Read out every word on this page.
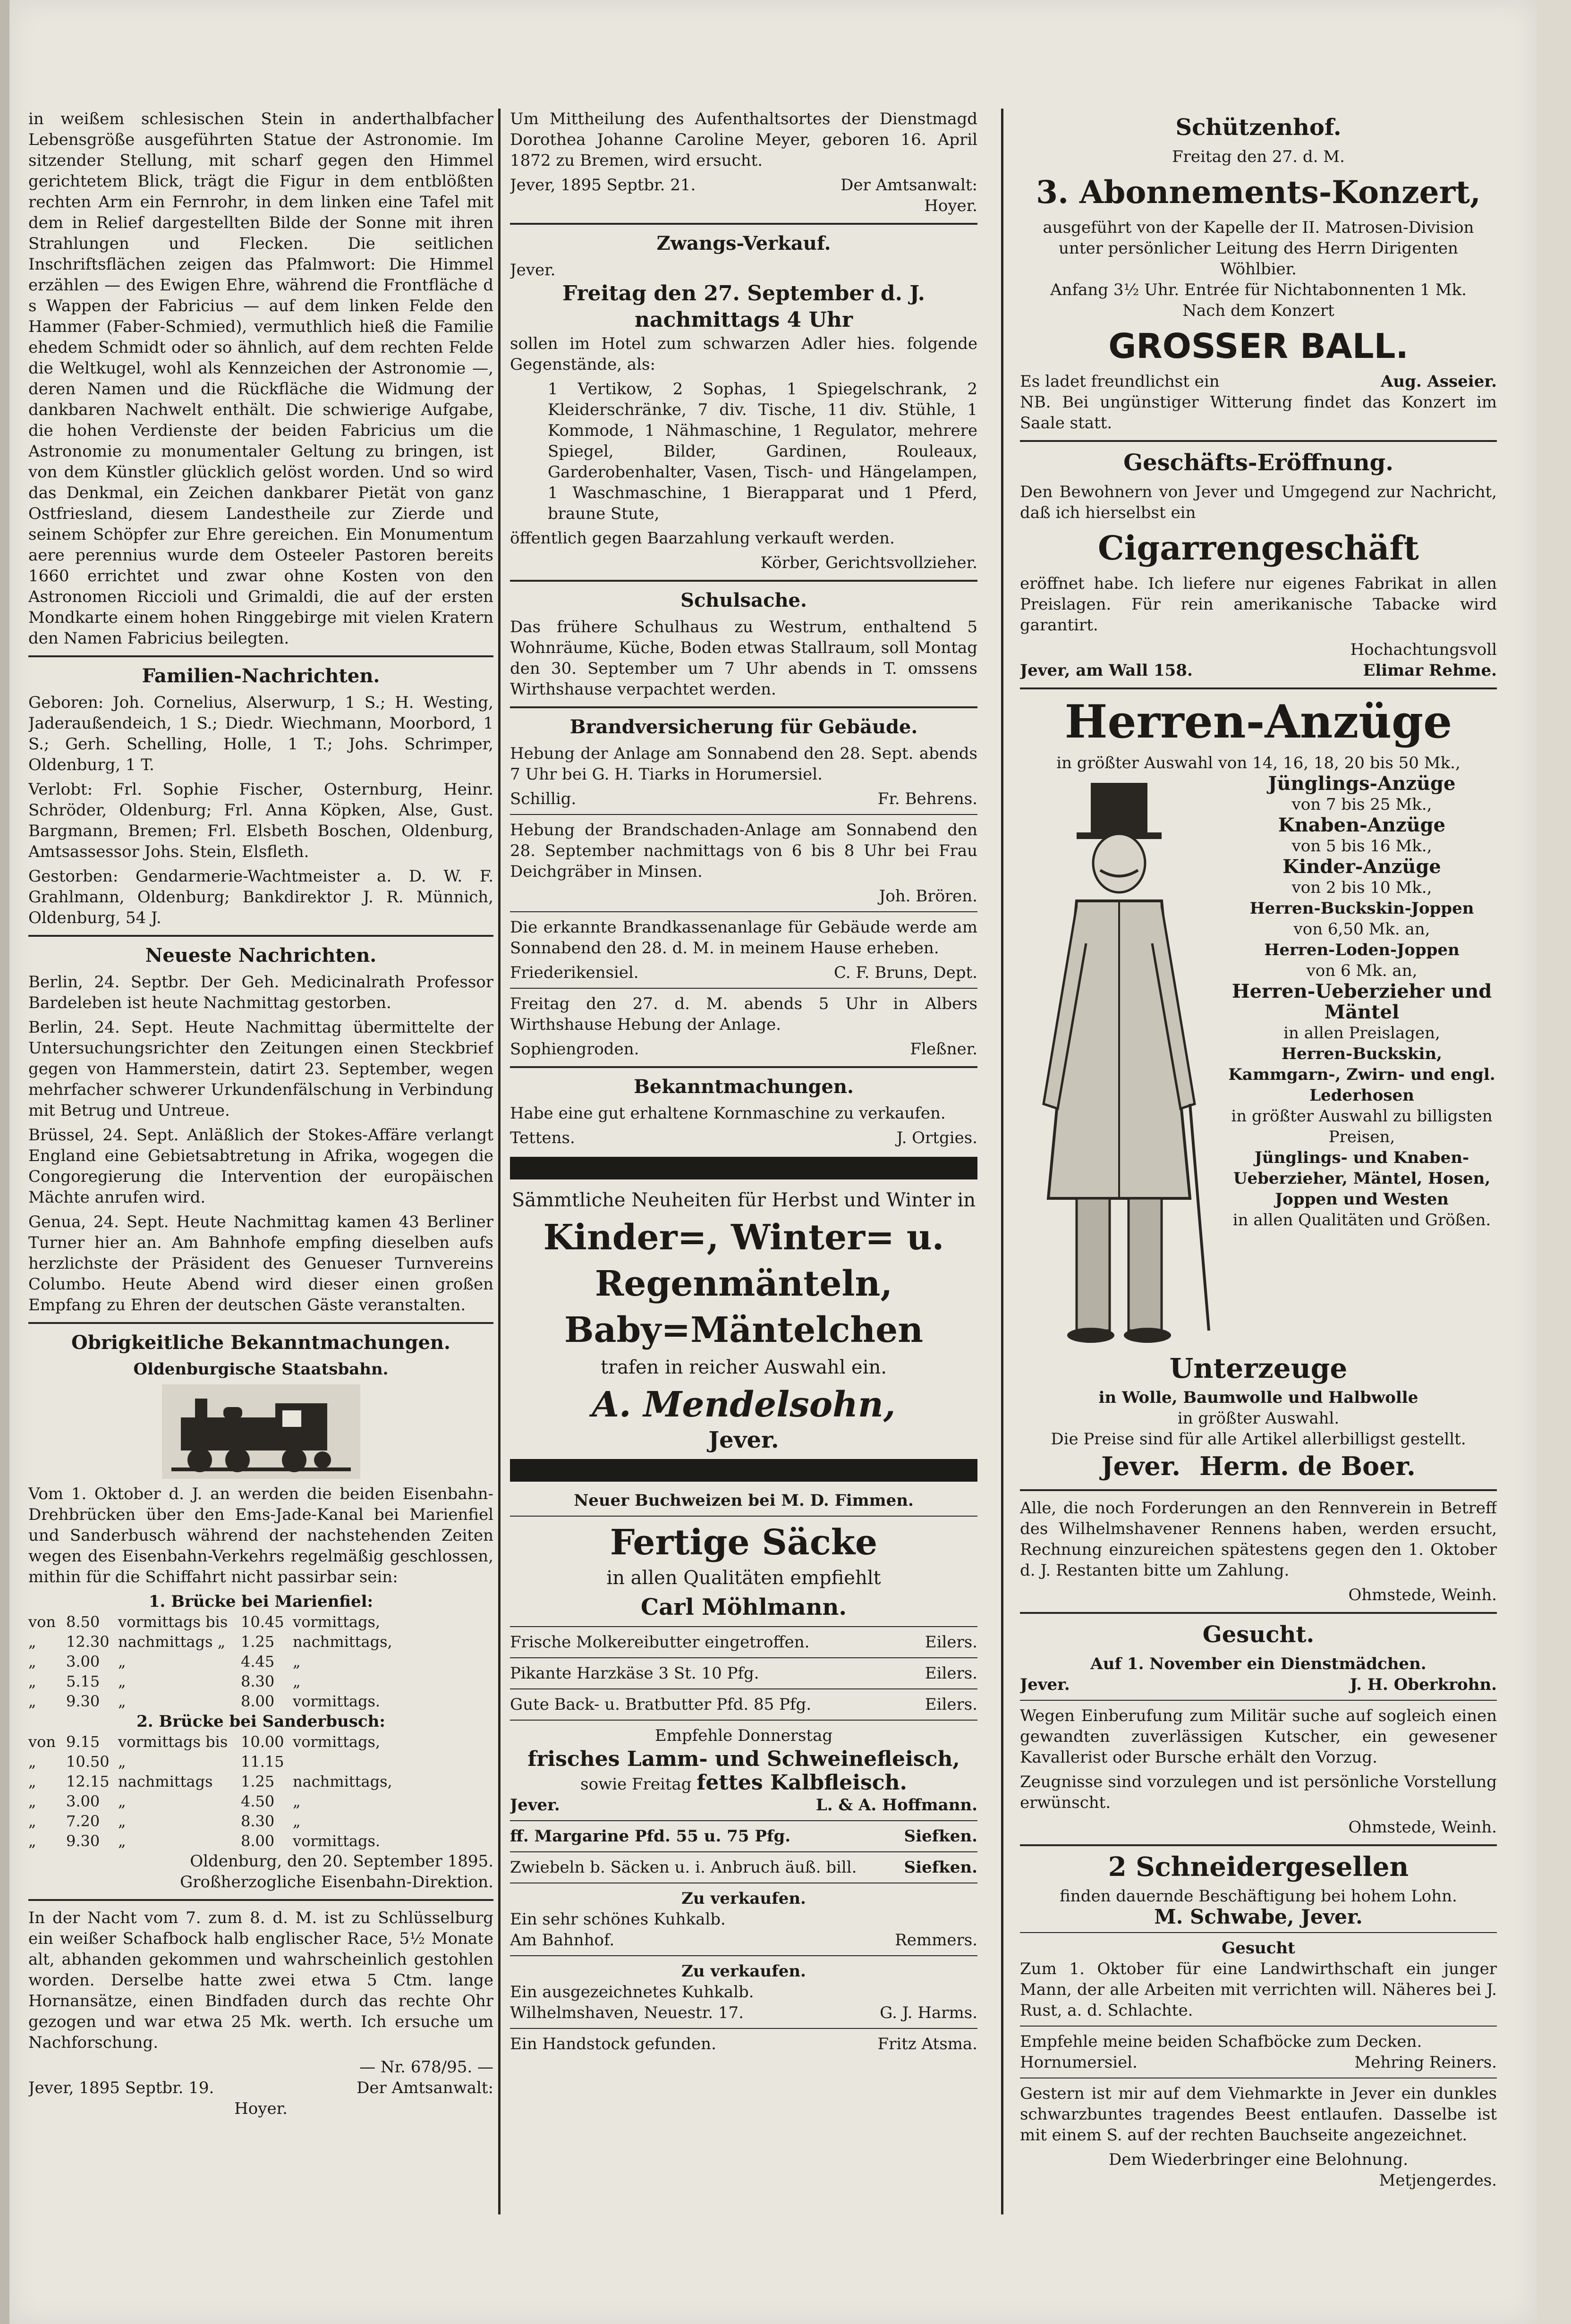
in weißem schlesischen Stein in anderthalbfacher Lebensgröße ausgeführten Statue der Astronomie. Im sitzender Stellung, mit scharf gegen den Himmel gerichtetem Blick, trägt die Figur in dem entblößten rechten Arm ein Fernrohr, in dem linken eine Tafel mit dem in Relief dargestellten Bilde der Sonne mit ihren Strahlungen und Flecken. Die seitlichen Inschriftsflächen zeigen das Pfalmwort: Die Himmel erzählen — des Ewigen Ehre, während die Frontfläche d s Wappen der Fabricius — auf dem linken Felde den Hammer (Faber-Schmied), vermuthlich hieß die Familie ehedem Schmidt oder so ähnlich, auf dem rechten Felde die Weltkugel, wohl als Kennzeichen der Astronomie —, deren Namen und die Rückfläche die Widmung der dankbaren Nachwelt enthält. Die schwierige Aufgabe, die hohen Verdienste der beiden Fabricius um die Astronomie zu monumentaler Geltung zu bringen, ist von dem Künstler glücklich gelöst worden. Und so wird das Denkmal, ein Zeichen dankbarer Pietät von ganz Ostfriesland, diesem Landestheile zur Zierde und seinem Schöpfer zur Ehre gereichen. Ein Monumentum aere perennius wurde dem Osteeler Pastoren bereits 1660 errichtet und zwar ohne Kosten von den Astronomen Riccioli und Grimaldi, die auf der ersten Mondkarte einem hohen Ringgebirge mit vielen Kratern den Namen Fabricius beilegten.

Familien-Nachrichten.

Geboren: Joh. Cornelius, Alserwurp, 1 S.; H. Westing, Jaderaußendeich, 1 S.; Diedr. Wiechmann, Moorbord, 1 S.; Gerh. Schelling, Holle, 1 T.; Johs. Schrimper, Oldenburg, 1 T.

Verlobt: Frl. Sophie Fischer, Osternburg, Heinr. Schröder, Oldenburg; Frl. Anna Köpken, Alse, Gust. Bargmann, Bremen; Frl. Elsbeth Boschen, Oldenburg, Amtsassessor Johs. Stein, Elsfleth.

Gestorben: Gendarmerie-Wachtmeister a. D. W. F. Grahlmann, Oldenburg; Bankdirektor J. R. Münnich, Oldenburg, 54 J.

Neueste Nachrichten.

Berlin, 24. Septbr. Der Geh. Medicinalrath Professor Bardeleben ist heute Nachmittag gestorben.

Berlin, 24. Sept. Heute Nachmittag übermittelte der Untersuchungsrichter den Zeitungen einen Steckbrief gegen von Hammerstein, datirt 23. September, wegen mehrfacher schwerer Urkundenfälschung in Verbindung mit Betrug und Untreue.

Brüssel, 24. Sept. Anläßlich der Stokes-Affäre verlangt England eine Gebietsabtretung in Afrika, wogegen die Congoregierung die Intervention der europäischen Mächte anrufen wird.

Genua, 24. Sept. Heute Nachmittag kamen 43 Berliner Turner hier an. Am Bahnhofe empfing dieselben aufs herzlichste der Präsident des Genueser Turnvereins Columbo. Heute Abend wird dieser einen großen Empfang zu Ehren der deutschen Gäste veranstalten.

Obrigkeitliche Bekanntmachungen.
Oldenburgische Staatsbahn.

Vom 1. Oktober d. J. an werden die beiden Eisenbahn-Drehbrücken über den Ems-Jade-Kanal bei Marienfiel und Sanderbusch während der nachstehenden Zeiten wegen des Eisenbahn-Verkehrs regelmäßig geschlossen, mithin für die Schiffahrt nicht passirbar sein:

1. Brücke bei Marienfiel:
von 8.50	vormittags bis 10.45 vormittags,
„	12.30 nachmittags „	1.25	nachmittags,
„	3.00	„	4.45	„
„	5.15	„	8.30	„
„	9.30	„	8.00	vormittags.
2. Brücke bei Sanderbusch:
von 9.15	vormittags bis 10.00 vormittags,
„	10.50 „	11.15
„	12.15 nachmittags	1.25	nachmittags,
„	3.00	„	4.50	„
„	7.20	„	8.30	„
„	9.30	„	8.00	vormittags.
Oldenburg, den 20. September 1895.
Großherzogliche Eisenbahn-Direktion.

In der Nacht vom 7. zum 8. d. M. ist zu Schlüsselburg ein weißer Schafbock halb englischer Race, 5½ Monate alt, abhanden gekommen und wahrscheinlich gestohlen worden. Derselbe hatte zwei etwa 5 Ctm. lange Hornansätze, einen Bindfaden durch das rechte Ohr gezogen und war etwa 25 Mk. werth. Ich ersuche um Nachforschung.

— Nr. 678/95. —
Jever, 1895 Septbr. 19.	Der Amtsanwalt:
Hoyer.

Um Mittheilung des Aufenthaltsortes der Dienstmagd Dorothea Johanne Caroline Meyer, geboren 16. April 1872 zu Bremen, wird ersucht.

Jever, 1895 Septbr. 21.	Der Amtsanwalt:
Hoyer.
Zwangs-Verkauf.
Jever.
Freitag den 27. September d. J.
nachmittags 4 Uhr

sollen im Hotel zum schwarzen Adler hies. folgende Gegenstände, als:

1 Vertikow, 2 Sophas, 1 Spiegelschrank, 2 Kleiderschränke, 7 div. Tische, 11 div. Stühle, 1 Kommode, 1 Nähmaschine, 1 Regulator, mehrere Spiegel, Bilder, Gardinen, Rouleaux, Garderobenhalter, Vasen, Tisch- und Hängelampen, 1 Waschmaschine, 1 Bierapparat und 1 Pferd, braune Stute,

öffentlich gegen Baarzahlung verkauft werden.

Körber, Gerichtsvollzieher.
Schulsache.

Das frühere Schulhaus zu Westrum, enthaltend 5 Wohnräume, Küche, Boden etwas Stallraum, soll Montag den 30. September um 7 Uhr abends in T. omssens Wirthshause verpachtet werden.

Brandversicherung für Gebäude.

Hebung der Anlage am Sonnabend den 28. Sept. abends 7 Uhr bei G. H. Tiarks in Horumersiel.

Schillig.	Fr. Behrens.

Hebung der Brandschaden-Anlage am Sonnabend den 28. September nachmittags von 6 bis 8 Uhr bei Frau Deichgräber in Minsen.

Joh. Brören.

Die erkannte Brandkassenanlage für Gebäude werde am Sonnabend den 28. d. M. in meinem Hause erheben.

Friederikensiel.	C. F. Bruns, Dept.

Freitag den 27. d. M. abends 5 Uhr in Albers Wirthshause Hebung der Anlage.

Sophiengroden.	Fleßner.
Bekanntmachungen.

Habe eine gut erhaltene Kornmaschine zu verkaufen.

Tettens.	J. Ortgies.
Sämmtliche Neuheiten für Herbst und Winter in
Kinder=, Winter= u.
Regenmänteln,
Baby=Mäntelchen
trafen in reicher Auswahl ein.
A. Mendelsohn,
Jever.
Neuer Buchweizen bei M. D. Fimmen.
Fertige Säcke
in allen Qualitäten empfiehlt
Carl Möhlmann.
Frische Molkereibutter eingetroffen.	Eilers.
Pikante Harzkäse 3 St. 10 Pfg.	Eilers.
Gute Back- u. Bratbutter Pfd. 85 Pfg.	Eilers.
Empfehle Donnerstag
frisches Lamm- und Schweinefleisch,
sowie Freitag fettes Kalbfleisch.
Jever.	L. & A. Hoffmann.
ff. Margarine Pfd. 55 u. 75 Pfg.	Siefken.
Zwiebeln b. Säcken u. i. Anbruch äuß. bill.	Siefken.
Zu verkaufen.
Ein sehr schönes Kuhkalb.
Am Bahnhof.	Remmers.
Zu verkaufen.
Ein ausgezeichnetes Kuhkalb.
Wilhelmshaven, Neuestr. 17.	G. J. Harms.
Ein Handstock gefunden.	Fritz Atsma.
Schützenhof.
Freitag den 27. d. M.
3. Abonnements-Konzert,
ausgeführt von der Kapelle der II. Matrosen-Division unter persönlicher Leitung des Herrn Dirigenten Wöhlbier.
Anfang 3½ Uhr. Entrée für Nichtabonnenten 1 Mk.
Nach dem Konzert
GROSSER BALL.
Es ladet freundlichst ein	Aug. Asseier.

NB. Bei ungünstiger Witterung findet das Konzert im Saale statt.

Geschäfts-Eröffnung.

Den Bewohnern von Jever und Umgegend zur Nachricht, daß ich hierselbst ein

Cigarrengeschäft

eröffnet habe. Ich liefere nur eigenes Fabrikat in allen Preislagen. Für rein amerikanische Tabacke wird garantirt.

Hochachtungsvoll
Jever, am Wall 158.	Elimar Rehme.
Herren-Anzüge
in größter Auswahl von 14, 16, 18, 20 bis 50 Mk.,
Jünglings-Anzüge
von 7 bis 25 Mk.,
Knaben-Anzüge
von 5 bis 16 Mk.,
Kinder-Anzüge
von 2 bis 10 Mk.,
Herren-Buckskin-Joppen
von 6,50 Mk. an,
Herren-Loden-Joppen
von 6 Mk. an,
Herren-Ueberzieher und Mäntel
in allen Preislagen,
Herren-Buckskin, Kammgarn-, Zwirn- und engl. Lederhosen
in größter Auswahl zu billigsten Preisen,
Jünglings- und Knaben-Ueberzieher, Mäntel, Hosen, Joppen und Westen
in allen Qualitäten und Größen.
Unterzeuge
in Wolle, Baumwolle und Halbwolle
in größter Auswahl.
Die Preise sind für alle Artikel allerbilligst gestellt.
Jever. Herm. de Boer.

Alle, die noch Forderungen an den Rennverein in Betreff des Wilhelmshavener Rennens haben, werden ersucht, Rechnung einzureichen spätestens gegen den 1. Oktober d. J. Restanten bitte um Zahlung.

Ohmstede, Weinh.
Gesucht.
Auf 1. November ein Dienstmädchen.
Jever.	J. H. Oberkrohn.

Wegen Einberufung zum Militär suche auf sogleich einen gewandten zuverlässigen Kutscher, ein gewesener Kavallerist oder Bursche erhält den Vorzug.

Zeugnisse sind vorzulegen und ist persönliche Vorstellung erwünscht.

Ohmstede, Weinh.
2 Schneidergesellen
finden dauernde Beschäftigung bei hohem Lohn.
M. Schwabe, Jever.
Gesucht

Zum 1. Oktober für eine Landwirthschaft ein junger Mann, der alle Arbeiten mit verrichten will. Näheres bei J. Rust, a. d. Schlachte.

Empfehle meine beiden Schafböcke zum Decken.
Hornumersiel.	Mehring Reiners.

Gestern ist mir auf dem Viehmarkte in Jever ein dunkles schwarzbuntes tragendes Beest entlaufen. Dasselbe ist mit einem S. auf der rechten Bauchseite angezeichnet.

Dem Wiederbringer eine Belohnung.
Metjengerdes.
